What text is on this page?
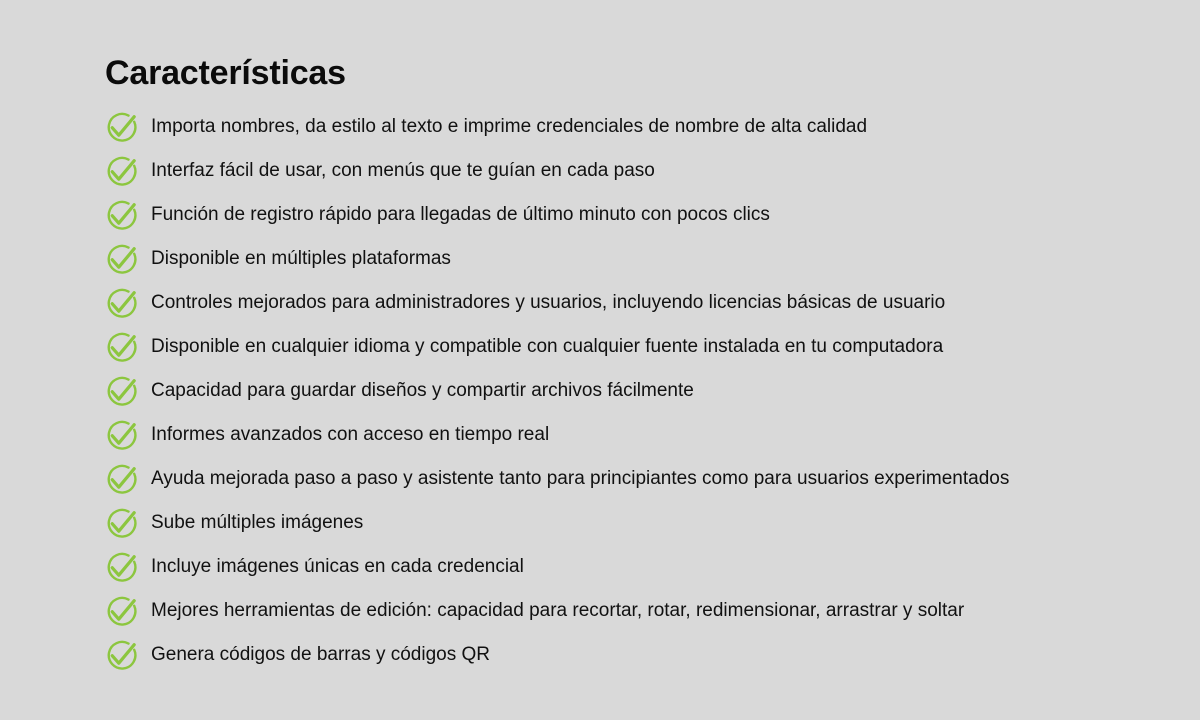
Características
Importa nombres, da estilo al texto e imprime credenciales de nombre de alta calidad
Interfaz fácil de usar, con menús que te guían en cada paso
Función de registro rápido para llegadas de último minuto con pocos clics
Disponible en múltiples plataformas
Controles mejorados para administradores y usuarios, incluyendo licencias básicas de usuario
Disponible en cualquier idioma y compatible con cualquier fuente instalada en tu computadora
Capacidad para guardar diseños y compartir archivos fácilmente
Informes avanzados con acceso en tiempo real
Ayuda mejorada paso a paso y asistente tanto para principiantes como para usuarios experimentados
Sube múltiples imágenes
Incluye imágenes únicas en cada credencial
Mejores herramientas de edición: capacidad para recortar, rotar, redimensionar, arrastrar y soltar
Genera códigos de barras y códigos QR
